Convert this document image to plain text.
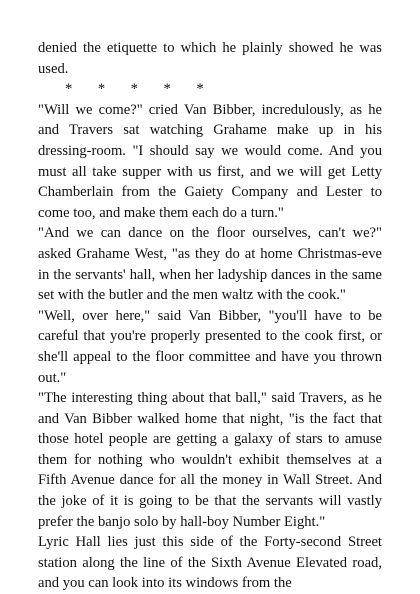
denied the etiquette to which he plainly showed he was used.

*       *       *       *       *

"Will we come?" cried Van Bibber, incredulously, as he and Travers sat watching Grahame make up in his dressing-room. "I should say we would come. And you must all take supper with us first, and we will get Letty Chamberlain from the Gaiety Company and Lester to come too, and make them each do a turn."

"And we can dance on the floor ourselves, can't we?" asked Grahame West, "as they do at home Christmas-eve in the servants' hall, when her ladyship dances in the same set with the butler and the men waltz with the cook."

"Well, over here," said Van Bibber, "you'll have to be careful that you're properly presented to the cook first, or she'll appeal to the floor committee and have you thrown out."

"The interesting thing about that ball," said Travers, as he and Van Bibber walked home that night, "is the fact that those hotel people are getting a galaxy of stars to amuse them for nothing who wouldn't exhibit themselves at a Fifth Avenue dance for all the money in Wall Street. And the joke of it is going to be that the servants will vastly prefer the banjo solo by hall-boy Number Eight."

Lyric Hall lies just this side of the Forty-second Street station along the line of the Sixth Avenue Elevated road, and you can look into its windows from the
